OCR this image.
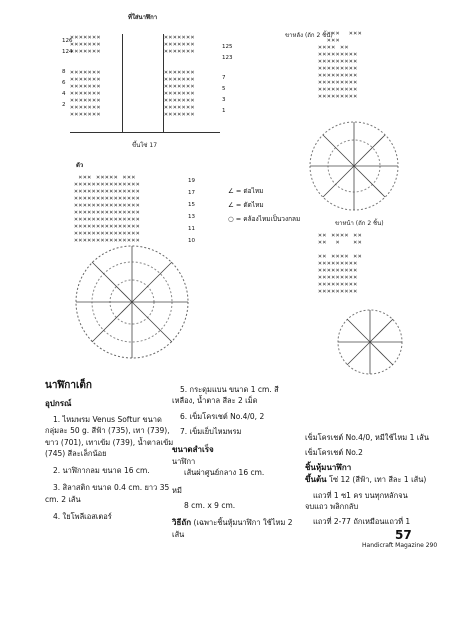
ที่ใส่นาฬิกา
×××××××
×××××××
×××××××

×××××××
×××××××
×××××××
×××××××
×××××××
×××××××
×××××××
×××××××
×××××××
×××××××

×××××××
×××××××
×××××××
×××××××
×××××××
×××××××
×××××××
126
124
8
6
4
2
125
123
7
5
3
1
ขึ้นโซ่ 17
ตัว
××× ××××× ×××
×××××××××××××××
×××××××××××××××
×××××××××××××××
×××××××××××××××
×××××××××××××××
×××××××××××××××
×××××××××××××××
×××××××××××××××
×××××××××××××××
19
17
15
13
11
10
∠ = ต่อไหม
∠ = ตัดไหม
○ = คล้องไหมเป็นวงกลม
ขาหลัง (ถัก 2 ชิ้น)
×××  ×××
×××
×××× ××
×××××××××
×××××××××
×××××××××
×××××××××
×××××××××
×××××××××
×××××××××
ขาหน้า (ถัก 2 ชิ้น)
×× ×××× ××
××  ×   ××

×× ×××× ××
×××××××××
×××××××××
×××××××××
×××××××××
×××××××××
นาฬิกาเต็ก
อุปกรณ์
1. ไหมพรม Venus Softur ขนาด กลุ่มละ 50 g. สีฟ้า (735), เทา (739), ขาว (701), เทาเข้ม (739), น้ำตาลเข้ม (745) สีละเล็กน้อย
2. นาฬิกากลม ขนาด 16 cm.
3. สิลาสติก ขนาด 0.4 cm. ยาว 35 cm. 2 เส้น
4. ใยโพลีเอสเตอร์
5. กระดุมแบน ขนาด 1 cm. สีเหลือง, น้ำตาล สีละ 2 เม็ด
6. เข็มโครเชต์ No.4/0, 2
7. เข็มเย็บไหมพรม
ขนาดสำเร็จ
นาฬิกา
เส้นผ่าศูนย์กลาง 16 cm.
หมี
8 cm. x 9 cm.
วิธีถัก (เฉพาะชิ้นหุ้มนาฬิกา ใช้ไหม 2 เส้น
เข็มโครเชต์ No.4/0, หมีใช้ไหม 1 เส้น
เข็มโครเชต์ No.2
ชิ้นหุ้มนาฬิกา
ขึ้นต้น โซ่ 12 (สีฟ้า, เทา สีละ 1 เส้น)
แถวที่ 1 ซ1 คร บนทุกหลักจน
จบแถว พลิกกลับ
แถวที่ 2-77 ถักเหมือนแถวที่ 1
57
Handicraft Magazine 290
